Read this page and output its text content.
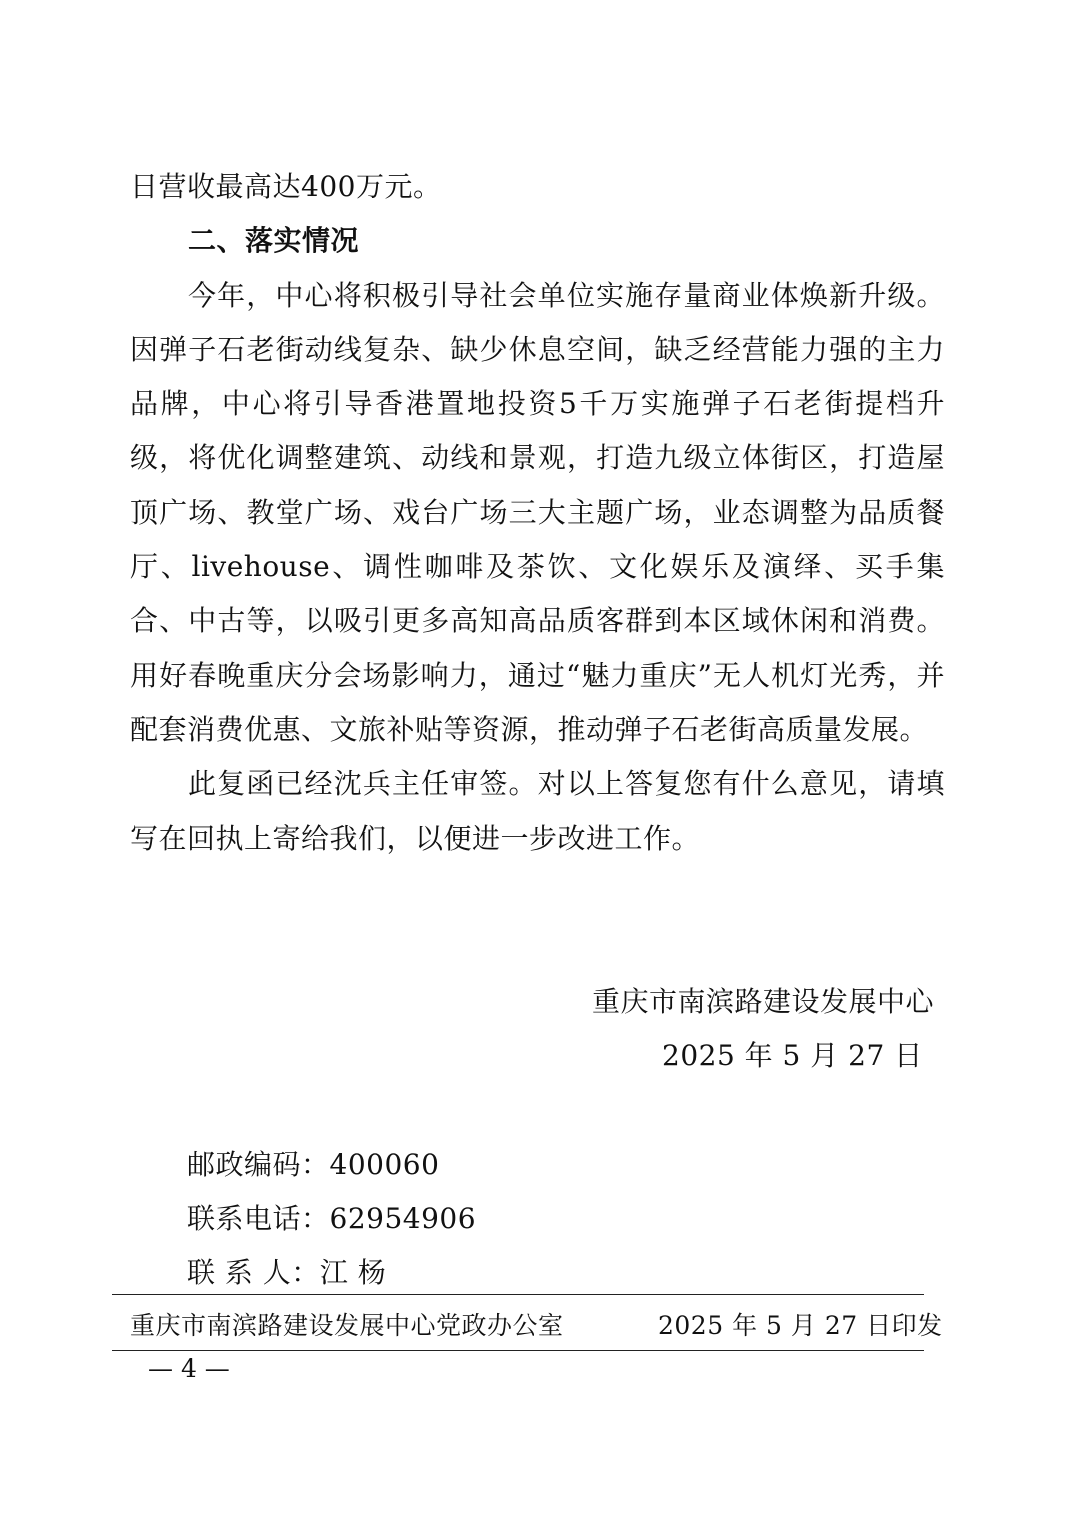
日营收最高达400万元。

二、落实情况

今年，中心将积极引导社会单位实施存量商业体焕新升级。因弹子石老街动线复杂、缺少休息空间，缺乏经营能力强的主力品牌，中心将引导香港置地投资5千万实施弹子石老街提档升级，将优化调整建筑、动线和景观，打造九级立体街区，打造屋顶广场、教堂广场、戏台广场三大主题广场，业态调整为品质餐厅、livehouse、调性咖啡及茶饮、文化娱乐及演绎、买手集合、中古等，以吸引更多高知高品质客群到本区域休闲和消费。用好春晚重庆分会场影响力，通过“魅力重庆”无人机灯光秀，并配套消费优惠、文旅补贴等资源，推动弹子石老街高质量发展。

此复函已经沈兵主任审签。对以上答复您有什么意见，请填写在回执上寄给我们，以便进一步改进工作。

重庆市南滨路建设发展中心
2025 年 5 月 27 日
邮政编码：400060
联系电话：62954906
联 系 人：江 杨
重庆市南滨路建设发展中心党政办公室	2025 年 5 月 27 日印发
— 4 —
